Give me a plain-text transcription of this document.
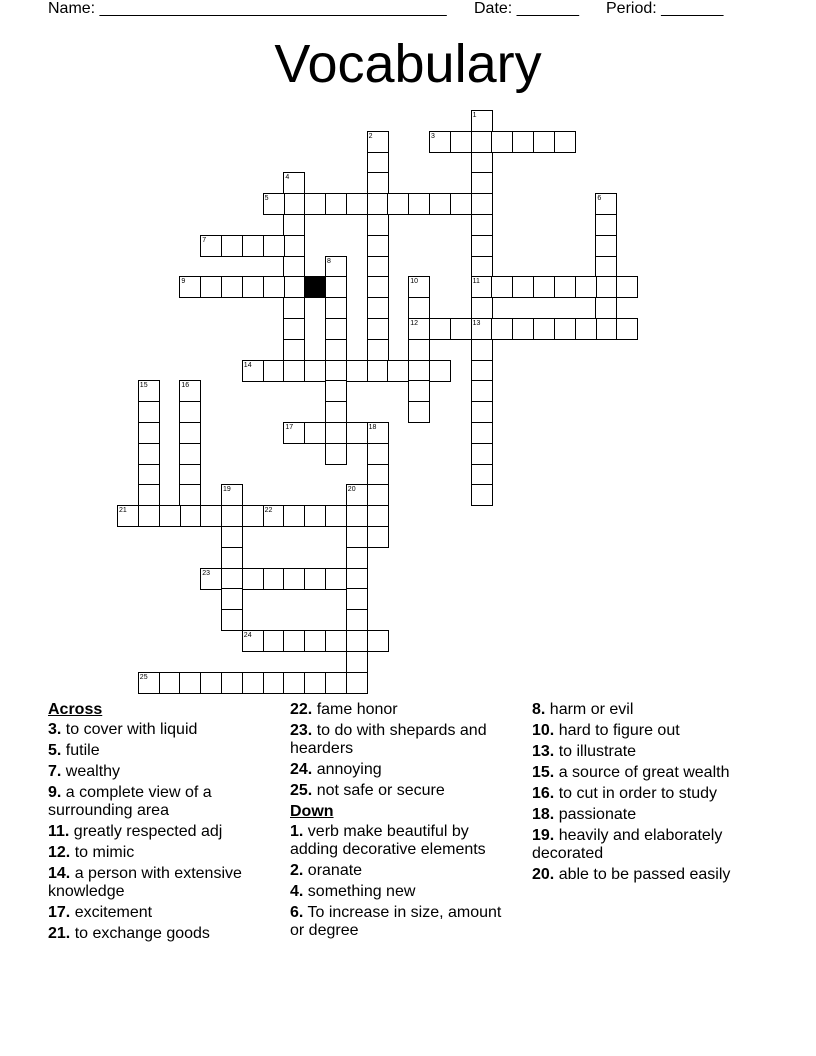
Name: _______________________________________ Date: _______ Period: _______
Vocabulary
1
2	3
4
5	6
7
8
9	10	11
12	13
14
15	16
17	18
19	20
21	22
23
24
25
Across
3. to cover with liquid
5. futile
7. wealthy
9. a complete view of a surrounding area
11. greatly respected adj
12. to mimic
14. a person with extensive knowledge
17. excitement
21. to exchange goods
22. fame honor
23. to do with shepards and hearders
24. annoying
25. not safe or secure
Down
1. verb make beautiful by adding decorative elements
2. oranate
4. something new
6. To increase in size, amount or degree
8. harm or evil
10. hard to figure out
13. to illustrate
15. a source of great wealth
16. to cut in order to study
18. passionate
19. heavily and elaborately decorated
20. able to be passed easily
